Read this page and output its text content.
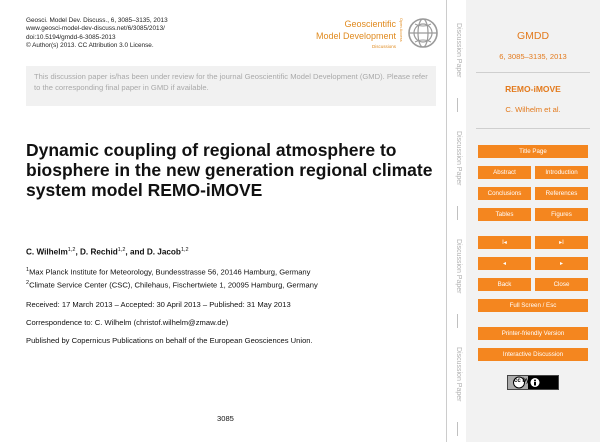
Geosci. Model Dev. Discuss., 6, 3085–3135, 2013
www.geosci-model-dev-discuss.net/6/3085/2013/
doi:10.5194/gmdd-6-3085-2013
© Author(s) 2013. CC Attribution 3.0 License.
Geoscientific
Model Development
Discussions
Open Access
This discussion paper is/has been under review for the journal Geoscientific Model Development (GMD). Please refer to the corresponding final paper in GMD if available.
Dynamic coupling of regional atmosphere to biosphere in the new generation regional climate system model REMO-iMOVE
C. Wilhelm$^{1,2}$, D. Rechid$^{1,2}$, and D. Jacob$^{1,2}$
$^1$Max Planck Institute for Meteorology, Bundesstrasse 56, 20146 Hamburg, Germany
$^2$Climate Service Center (CSC), Chilehaus, Fischertwiete 1, 20095 Hamburg, Germany
Received: 17 March 2013 – Accepted: 30 April 2013 – Published: 31 May 2013
Correspondence to: C. Wilhelm (christof.wilhelm@zmaw.de)
Published by Copernicus Publications on behalf of the European Geosciences Union.
3085
Discussion Paper
Discussion Paper
Discussion Paper
Discussion Paper
GMDD
6, 3085–3135, 2013
REMO-iMOVE
C. Wilhelm et al.
Title Page
Abstract	Introduction
Conclusions	References
Tables	Figures
I◂	▸I
◂	▸
Back	Close
Full Screen / Esc
Printer-friendly Version
Interactive Discussion
cc by
